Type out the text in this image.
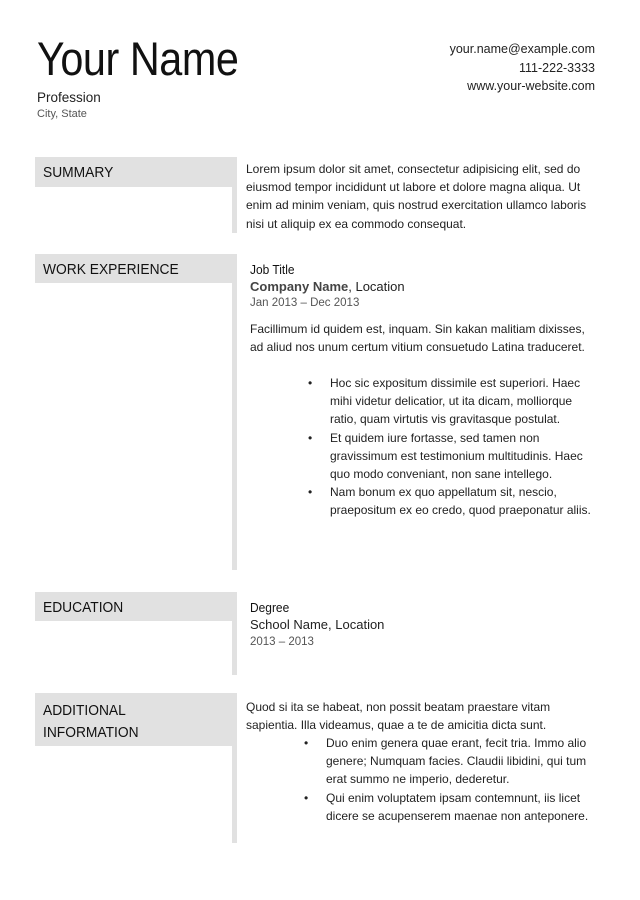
Your Name
Profession
City, State
your.name@example.com
111-222-3333
www.your-website.com
SUMMARY	Lorem ipsum dolor sit amet, consectetur adipisicing elit, sed do eiusmod tempor incididunt ut labore et dolore magna aliqua. Ut enim ad minim veniam, quis nostrud exercitation ullamco laboris nisi ut aliquip ex ea commodo consequat.
WORK EXPERIENCE	Job Title
Company Name, Location
Jan 2013 – Dec 2013
Facillimum id quidem est, inquam. Sin kakan malitiam dixisses, ad aliud nos unum certum vitium consuetudo Latina traduceret.
• Hoc sic expositum dissimile est superiori. Haec mihi videtur delicatior, ut ita dicam, molliorque ratio, quam virtutis vis gravitasque postulat.
• Et quidem iure fortasse, sed tamen non gravissimum est testimonium multitudinis. Haec quo modo conveniant, non sane intellego.
• Nam bonum ex quo appellatum sit, nescio, praepositum ex eo credo, quod praeponatur aliis.
EDUCATION	Degree
School Name, Location
2013 – 2013
ADDITIONAL
INFORMATION
Quod si ita se habeat, non possit beatam praestare vitam sapientia. Illa videamus, quae a te de amicitia dicta sunt.
• Duo enim genera quae erant, fecit tria. Immo alio genere; Numquam facies. Claudii libidini, qui tum erat summo ne imperio, dederetur.
• Qui enim voluptatem ipsam contemnunt, iis licet dicere se acupenserem maenae non anteponere.
